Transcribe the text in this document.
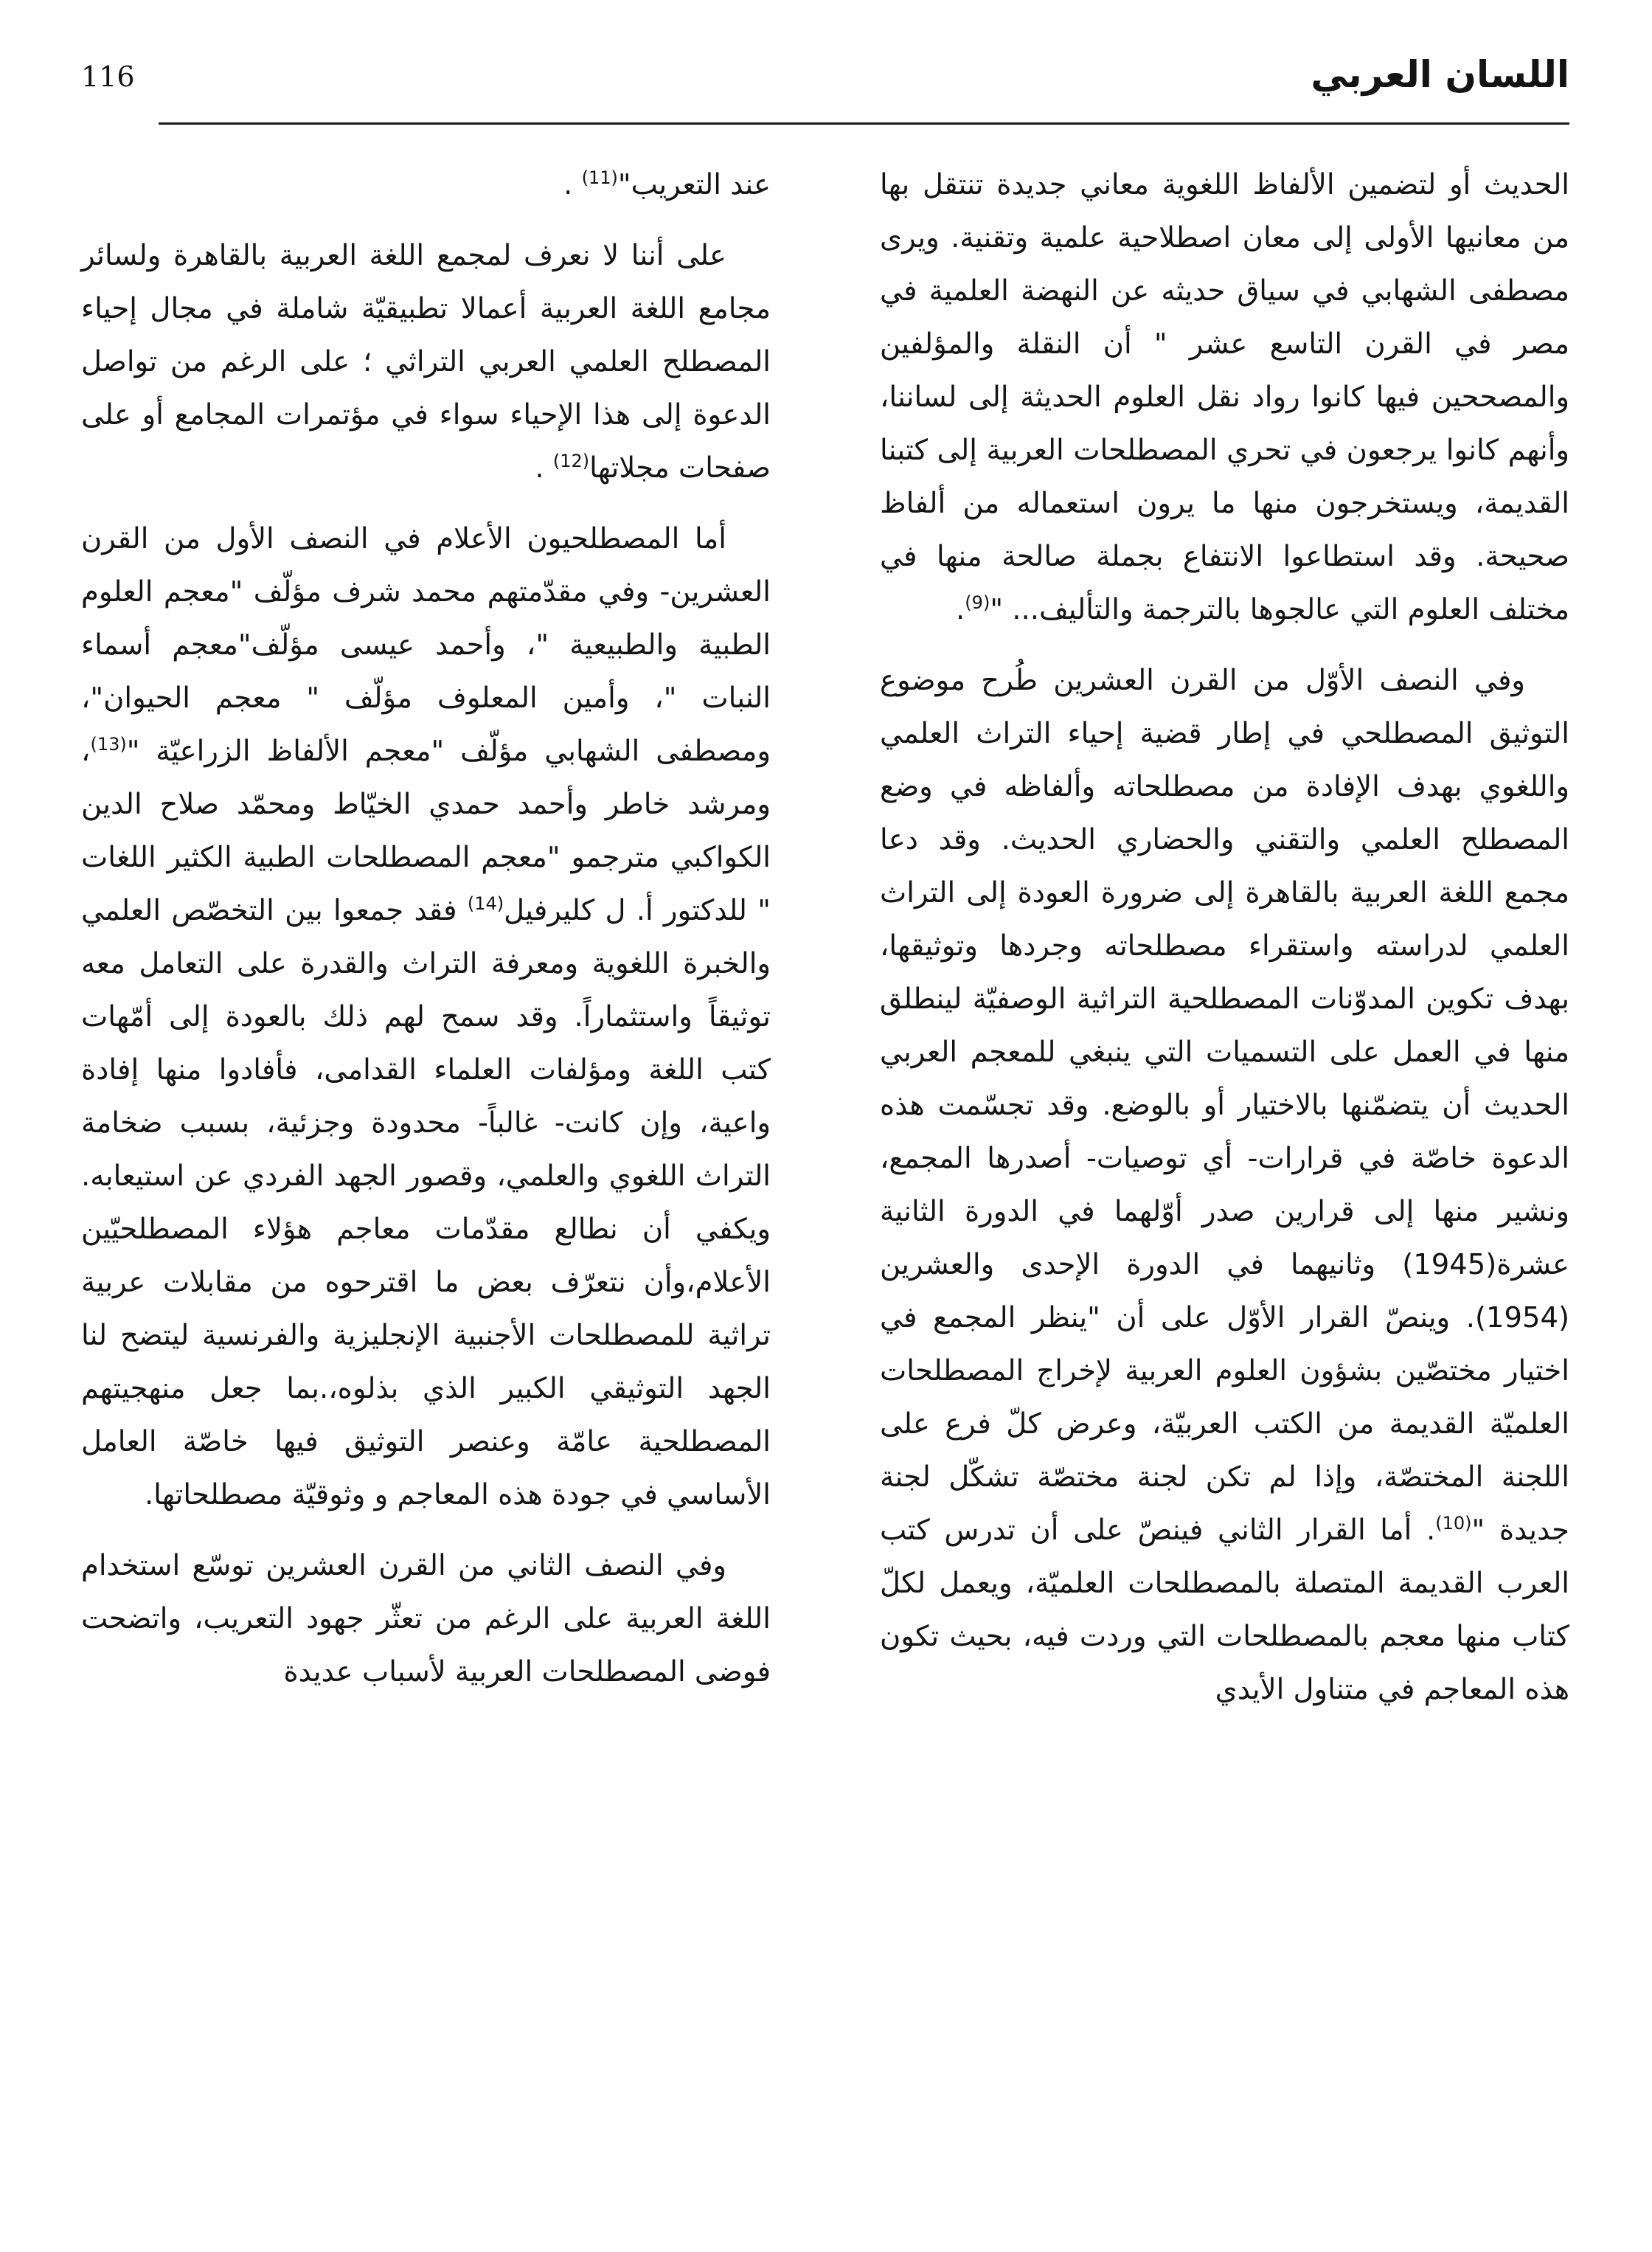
116	اللسان العربي

الحديث أو لتضمين الألفاظ اللغوية معاني جديدة تنتقل بها من معانيها الأولى إلى معان اصطلاحية علمية وتقنية. ويرى مصطفى الشهابي في سياق حديثه عن النهضة العلمية في مصر في القرن التاسع عشر " أن النقلة والمؤلفين والمصححين فيها كانوا رواد نقل العلوم الحديثة إلى لساننا، وأنهم كانوا يرجعون في تحري المصطلحات العربية إلى كتبنا القديمة، ويستخرجون منها ما يرون استعماله من ألفاظ صحيحة. وقد استطاعوا الانتفاع بجملة صالحة منها في مختلف العلوم التي عالجوها بالترجمة والتأليف... "$^{(9)}$.

وفي النصف الأوّل من القرن العشرين طُرح موضوع التوثيق المصطلحي في إطار قضية إحياء التراث العلمي واللغوي بهدف الإفادة من مصطلحاته وألفاظه في وضع المصطلح العلمي والتقني والحضاري الحديث. وقد دعا مجمع اللغة العربية بالقاهرة إلى ضرورة العودة إلى التراث العلمي لدراسته واستقراء مصطلحاته وجردها وتوثيقها، بهدف تكوين المدوّنات المصطلحية التراثية الوصفيّة لينطلق منها في العمل على التسميات التي ينبغي للمعجم العربي الحديث أن يتضمّنها بالاختيار أو بالوضع. وقد تجسّمت هذه الدعوة خاصّة في قرارات- أي توصيات- أصدرها المجمع، ونشير منها إلى قرارين صدر أوّلهما في الدورة الثانية عشرة(1945) وثانيهما في الدورة الإحدى والعشرين (1954). وينصّ القرار الأوّل على أن "ينظر المجمع في اختيار مختصّين بشؤون العلوم العربية لإخراج المصطلحات العلميّة القديمة من الكتب العربيّة، وعرض كلّ فرع على اللجنة المختصّة، وإذا لم تكن لجنة مختصّة تشكّل لجنة جديدة "$^{(10)}$. أما القرار الثاني فينصّ على أن تدرس كتب العرب القديمة المتصلة بالمصطلحات العلميّة، ويعمل لكلّ كتاب منها معجم بالمصطلحات التي وردت فيه، بحيث تكون هذه المعاجم في متناول الأيدي

عند التعريب"$^{(11)}$ .

على أننا لا نعرف لمجمع اللغة العربية بالقاهرة ولسائر مجامع اللغة العربية أعمالا تطبيقيّة شاملة في مجال إحياء المصطلح العلمي العربي التراثي ؛ على الرغم من تواصل الدعوة إلى هذا الإحياء سواء في مؤتمرات المجامع أو على صفحات مجلاتها$^{(12)}$ .

أما المصطلحيون الأعلام في النصف الأول من القرن العشرين- وفي مقدّمتهم محمد شرف مؤلّف "معجم العلوم الطبية والطبيعية "، وأحمد عيسى مؤلّف"معجم أسماء النبات "، وأمين المعلوف مؤلّف " معجم الحيوان"، ومصطفى الشهابي مؤلّف "معجم الألفاظ الزراعيّة "$^{(13)}$، ومرشد خاطر وأحمد حمدي الخيّاط ومحمّد صلاح الدين الكواكبي مترجمو "معجم المصطلحات الطبية الكثير اللغات " للدكتور أ. ل كليرفيل$^{(14)}$ فقد جمعوا بين التخصّص العلمي والخبرة اللغوية ومعرفة التراث والقدرة على التعامل معه توثيقاً واستثماراً. وقد سمح لهم ذلك بالعودة إلى أمّهات كتب اللغة ومؤلفات العلماء القدامى، فأفادوا منها إفادة واعية، وإن كانت- غالباً- محدودة وجزئية، بسبب ضخامة التراث اللغوي والعلمي، وقصور الجهد الفردي عن استيعابه. ويكفي أن نطالع مقدّمات معاجم هؤلاء المصطلحيّين الأعلام،وأن نتعرّف بعض ما اقترحوه من مقابلات عربية تراثية للمصطلحات الأجنبية الإنجليزية والفرنسية ليتضح لنا الجهد التوثيقي الكبير الذي بذلوه،.بما جعل منهجيتهم المصطلحية عامّة وعنصر التوثيق فيها خاصّة العامل الأساسي في جودة هذه المعاجم و وثوقيّة مصطلحاتها.

وفي النصف الثاني من القرن العشرين توسّع استخدام اللغة العربية على الرغم من تعثّر جهود التعريب، واتضحت فوضى المصطلحات العربية لأسباب عديدة
